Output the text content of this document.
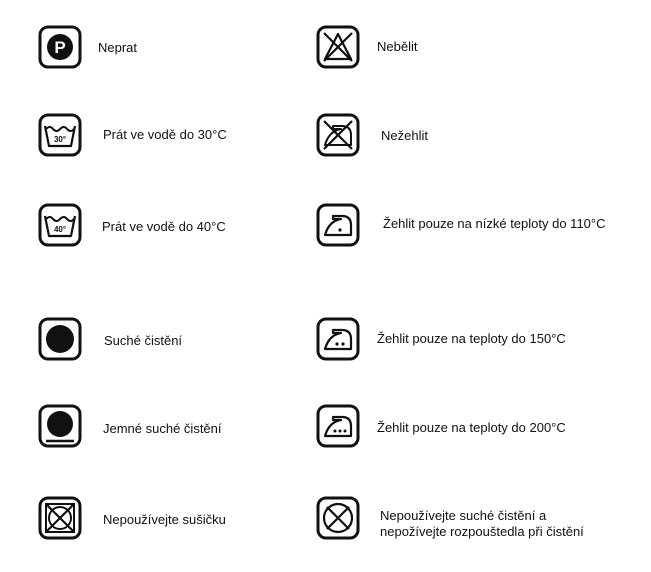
P Neprat
30°	Prát ve vodě do 30°C
40°	Prát ve vodě do 40°C
Suché čistění
Jemné suché čistění
Nepoužívejte sušičku
Nebělit
Nežehlit
Žehlit pouze na nízké teploty do 110°C
Žehlit pouze na teploty do 150°C
Žehlit pouze na teploty do 200°C
Nepoužívejte suché čistění a
nepožívejte rozpouštedla při čistění
